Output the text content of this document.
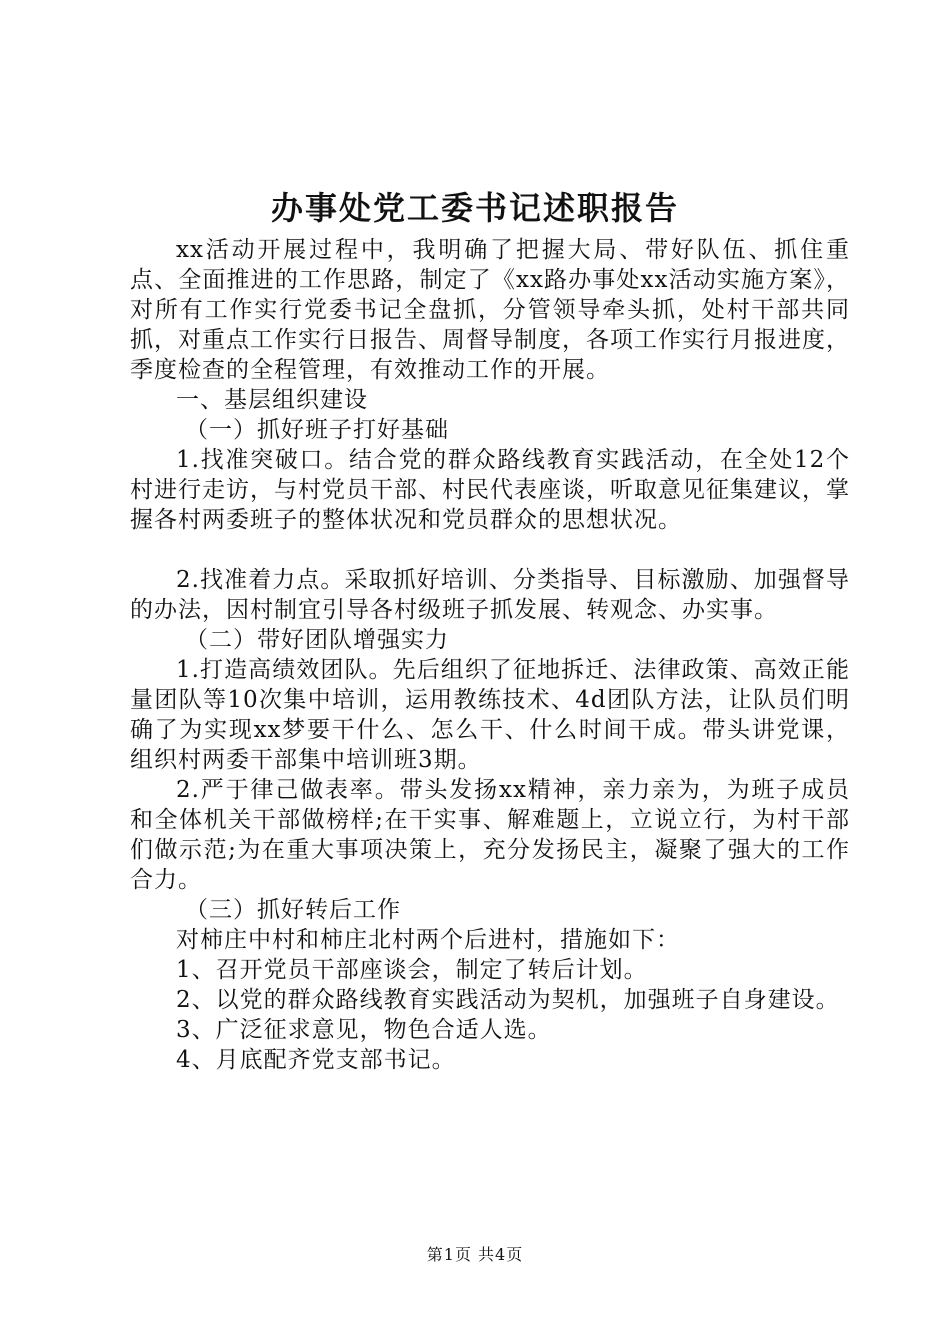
办事处党工委书记述职报告

xx活动开展过程中，我明确了把握大局、带好队伍、抓住重点、全面推进的工作思路，制定了《xx路办事处xx活动实施方案》，对所有工作实行党委书记全盘抓，分管领导牵头抓，处村干部共同抓，对重点工作实行日报告、周督导制度，各项工作实行月报进度，季度检查的全程管理，有效推动工作的开展。

一、基层组织建设

（一）抓好班子打好基础

1.找准突破口。结合党的群众路线教育实践活动，在全处12个村进行走访，与村党员干部、村民代表座谈，听取意见征集建议，掌握各村两委班子的整体状况和党员群众的思想状况。

2.找准着力点。采取抓好培训、分类指导、目标激励、加强督导的办法，因村制宜引导各村级班子抓发展、转观念、办实事。

（二）带好团队增强实力

1.打造高绩效团队。先后组织了征地拆迁、法律政策、高效正能量团队等10次集中培训，运用教练技术、4d团队方法，让队员们明确了为实现xx梦要干什么、怎么干、什么时间干成。带头讲党课，组织村两委干部集中培训班3期。

2.严于律己做表率。带头发扬xx精神，亲力亲为，为班子成员和全体机关干部做榜样;在干实事、解难题上，立说立行，为村干部们做示范;为在重大事项决策上，充分发扬民主，凝聚了强大的工作合力。

（三）抓好转后工作

对柿庄中村和柿庄北村两个后进村，措施如下：

1、召开党员干部座谈会，制定了转后计划。

2、以党的群众路线教育实践活动为契机，加强班子自身建设。

3、广泛征求意见，物色合适人选。

4、月底配齐党支部书记。

第1页 共4页
